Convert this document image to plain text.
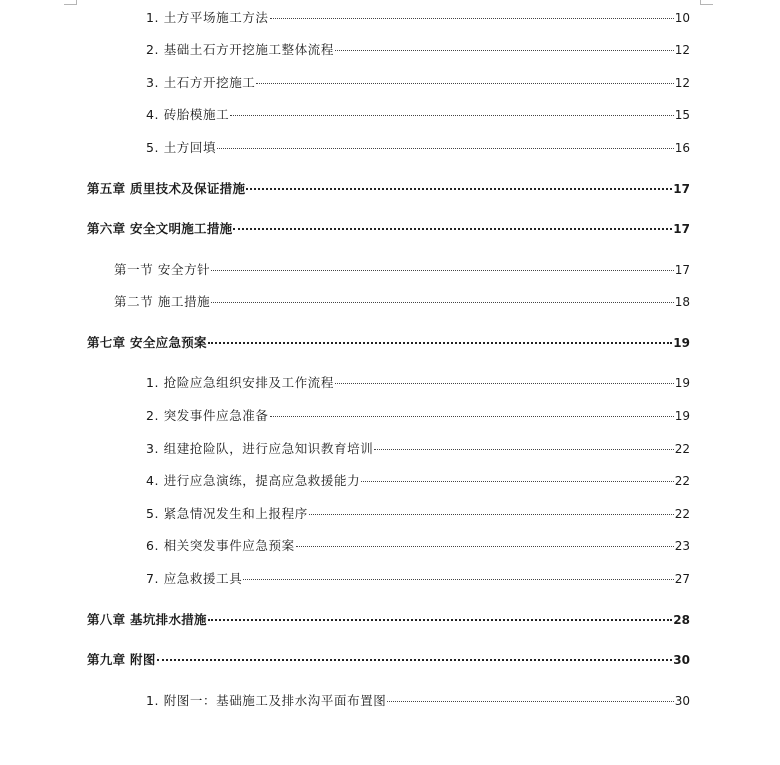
1. 土方平场施工方法	10
2. 基础土石方开挖施工整体流程	12
3. 土石方开挖施工	12
4. 砖胎模施工	15
5. 土方回填	16
第五章 质里技术及保证措施	17
第六章 安全文明施工措施	17
第一节 安全方针	17
第二节 施工措施	18
第七章 安全应急预案	19
1. 抢险应急组织安排及工作流程	19
2. 突发事件应急准备	19
3. 组建抢险队，进行应急知识教育培训	22
4. 进行应急演练，提高应急救援能力	22
5. 紧急情况发生和上报程序	22
6. 相关突发事件应急预案	23
7. 应急救援工具	27
第八章 基坑排水措施	28
第九章 附图	30
1. 附图一：基础施工及排水沟平面布置图	30
